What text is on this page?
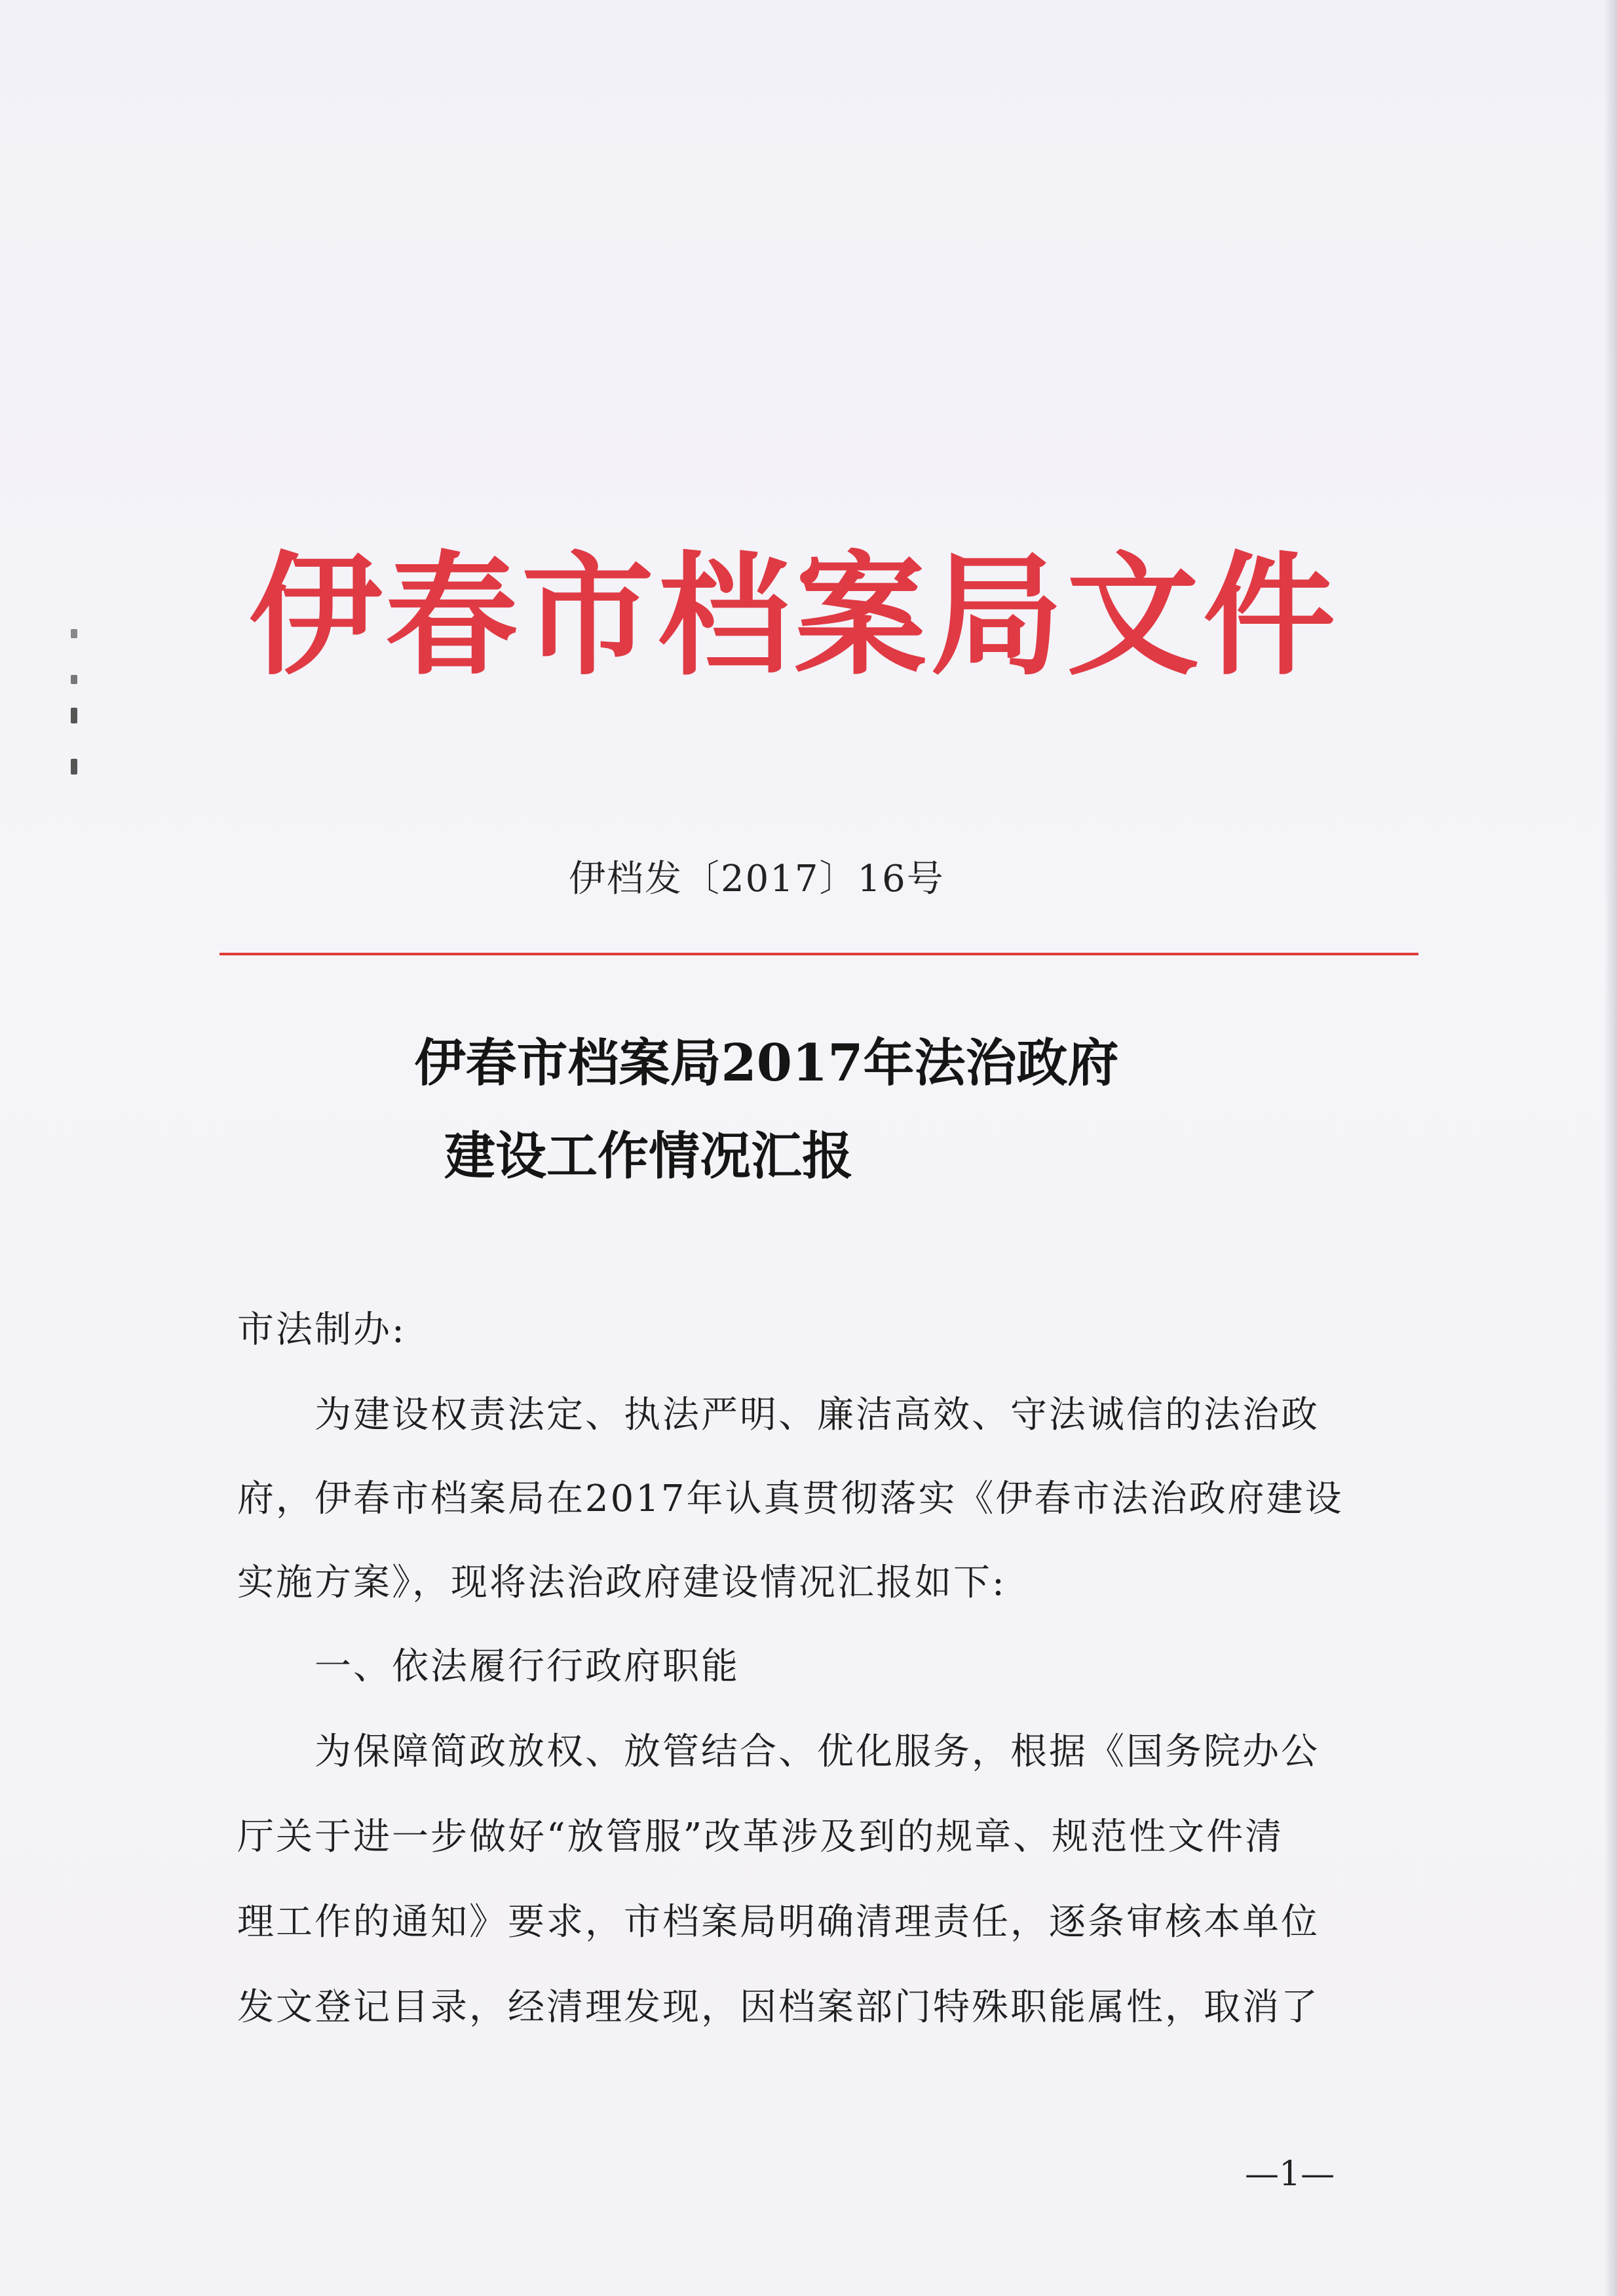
伊春市档案局文件
伊档发〔2017〕16号
伊春市档案局2017年法治政府
建设工作情况汇报
市法制办:
　　为建设权责法定、执法严明、廉洁高效、守法诚信的法治政
府，伊春市档案局在2017年认真贯彻落实《伊春市法治政府建设
实施方案》，现将法治政府建设情况汇报如下:
　　一、依法履行行政府职能
　　为保障简政放权、放管结合、优化服务，根据《国务院办公
厅关于进一步做好“放管服”改革涉及到的规章、规范性文件清
理工作的通知》要求，市档案局明确清理责任，逐条审核本单位
发文登记目录，经清理发现，因档案部门特殊职能属性，取消了
—1—
